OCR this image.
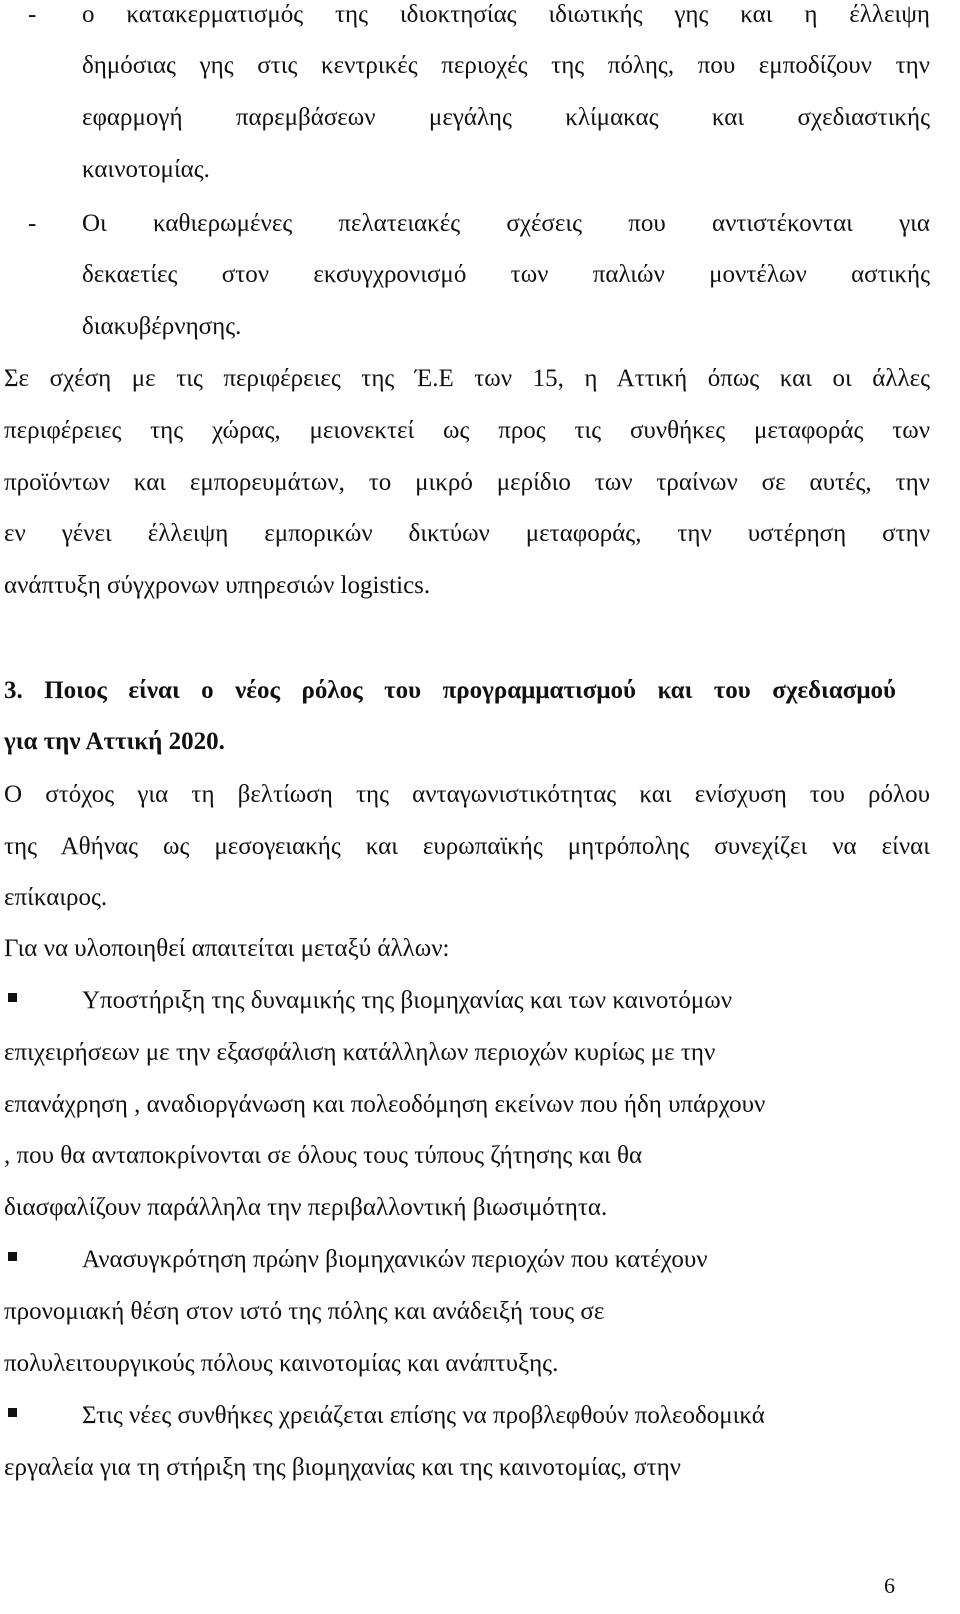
- ο κατακερματισμός της ιδιοκτησίας ιδιωτικής γης και η έλλειψη
δημόσιας γης στις κεντρικές περιοχές της πόλης, που εμποδίζουν την
εφαρμογή παρεμβάσεων μεγάλης κλίμακας και σχεδιαστικής
καινοτομίας.
- Οι καθιερωμένες πελατειακές σχέσεις που αντιστέκονται για
δεκαετίες στον εκσυγχρονισμό των παλιών μοντέλων αστικής
διακυβέρνησης.
Σε σχέση με τις περιφέρειες της Έ.Ε των 15, η Αττική όπως και οι άλλες
περιφέρειες της χώρας, μειονεκτεί ως προς τις συνθήκες μεταφοράς των
προϊόντων και εμπορευμάτων, το μικρό μερίδιο των τραίνων σε αυτές, την
εν γένει έλλειψη εμπορικών δικτύων μεταφοράς, την υστέρηση στην
ανάπτυξη σύγχρονων υπηρεσιών logistics.
3. Ποιος είναι ο νέος ρόλος του προγραμματισμού και του σχεδιασμού
για την Αττική 2020.
Ο στόχος για τη βελτίωση της ανταγωνιστικότητας και ενίσχυση του ρόλου
της Αθήνας ως μεσογειακής και ευρωπαϊκής μητρόπολης συνεχίζει να είναι
επίκαιρος.
Για να υλοποιηθεί απαιτείται μεταξύ άλλων:
Υποστήριξη της δυναμικής της βιομηχανίας και των καινοτόμων
επιχειρήσεων με την εξασφάλιση κατάλληλων περιοχών κυρίως με την
επανάχρηση , αναδιοργάνωση και πολεοδόμηση εκείνων που ήδη υπάρχουν
, που θα ανταποκρίνονται σε όλους τους τύπους ζήτησης και θα
διασφαλίζουν παράλληλα την περιβαλλοντική βιωσιμότητα.
Ανασυγκρότηση πρώην βιομηχανικών περιοχών που κατέχουν
προνομιακή θέση στον ιστό της πόλης και ανάδειξή τους σε
πολυλειτουργικούς πόλους καινοτομίας και ανάπτυξης.
Στις νέες συνθήκες χρειάζεται επίσης να προβλεφθούν πολεοδομικά
εργαλεία για τη στήριξη της βιομηχανίας και της καινοτομίας, στην
6
